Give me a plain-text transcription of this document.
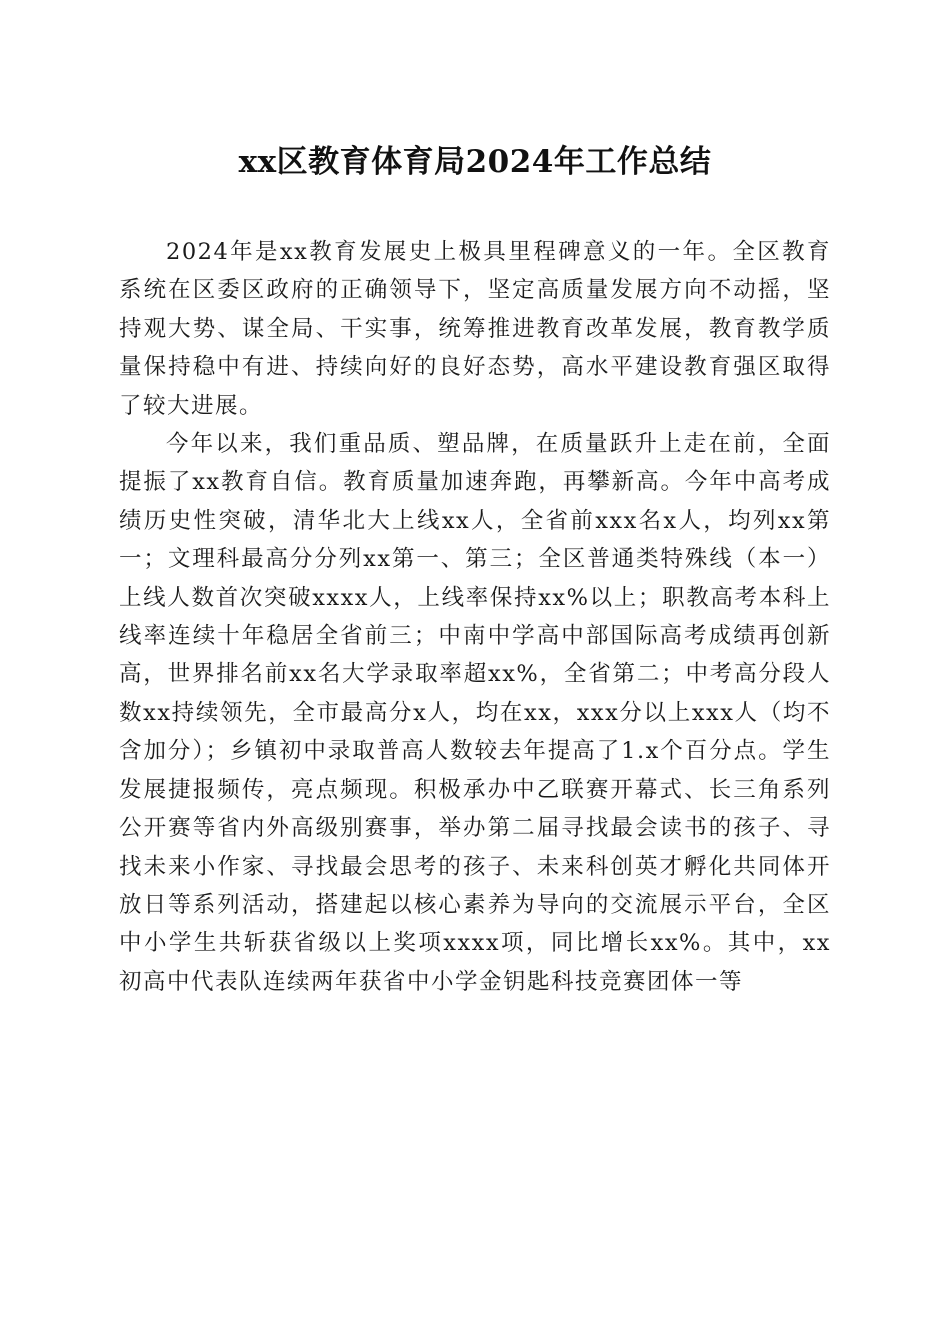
xx区教育体育局2024年工作总结

2024年是xx教育发展史上极具里程碑意义的一年。全区教育系统在区委区政府的正确领导下，坚定高质量发展方向不动摇，坚持观大势、谋全局、干实事，统筹推进教育改革发展，教育教学质量保持稳中有进、持续向好的良好态势，高水平建设教育强区取得了较大进展。

今年以来，我们重品质、塑品牌，在质量跃升上走在前，全面提振了xx教育自信。教育质量加速奔跑，再攀新高。今年中高考成绩历史性突破，清华北大上线xx人，全省前xxx名x人，均列xx第一；文理科最高分分列xx第一、第三；全区普通类特殊线（本一）上线人数首次突破xxxx人，上线率保持xx%以上；职教高考本科上线率连续十年稳居全省前三；中南中学高中部国际高考成绩再创新高，世界排名前xx名大学录取率超xx%，全省第二；中考高分段人数xx持续领先，全市最高分x人，均在xx，xxx分以上xxx人（均不含加分）；乡镇初中录取普高人数较去年提高了1.x个百分点。学生发展捷报频传，亮点频现。积极承办中乙联赛开幕式、长三角系列公开赛等省内外高级别赛事，举办第二届寻找最会读书的孩子、寻找未来小作家、寻找最会思考的孩子、未来科创英才孵化共同体开放日等系列活动，搭建起以核心素养为导向的交流展示平台，全区中小学生共斩获省级以上奖项xxxx项，同比增长xx%。其中，xx初高中代表队连续两年获省中小学金钥匙科技竞赛团体一等
